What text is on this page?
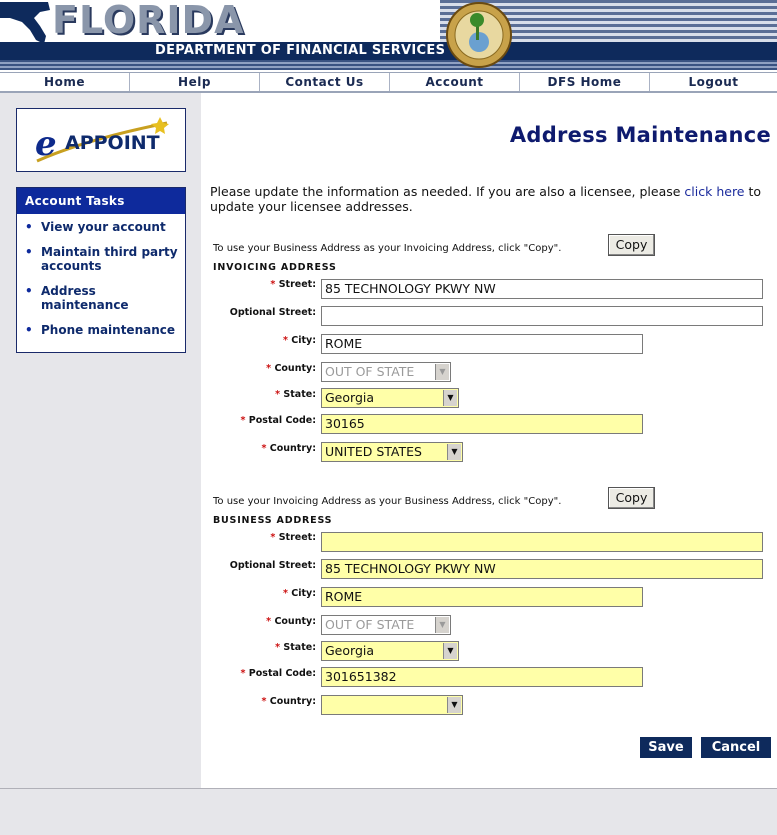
FLORIDA
DEPARTMENT OF FINANCIAL SERVICES
Home	Help	Contact Us	Account	DFS Home	Logout
e APPOINT
Account Tasks
• View your account
• Maintain third party accounts
• Address maintenance
• Phone maintenance
Address Maintenance
Please update the information as needed. If you are also a licensee, please click here to update your licensee addresses.
To use your Business Address as your Invoicing Address, click "Copy".	Copy
INVOICING ADDRESS
* Street: 85 TECHNOLOGY PKWY NW
Optional Street:
* City: ROME
* County: OUT OF STATE	▼
* State: Georgia	▼
* Postal Code: 30165
* Country: UNITED STATES	▼
To use your Invoicing Address as your Business Address, click "Copy".	Copy
BUSINESS ADDRESS
* Street:
Optional Street: 85 TECHNOLOGY PKWY NW
* City: ROME
* County: OUT OF STATE	▼
* State: Georgia	▼
* Postal Code: 301651382
* Country:	▼
Save	Cancel
